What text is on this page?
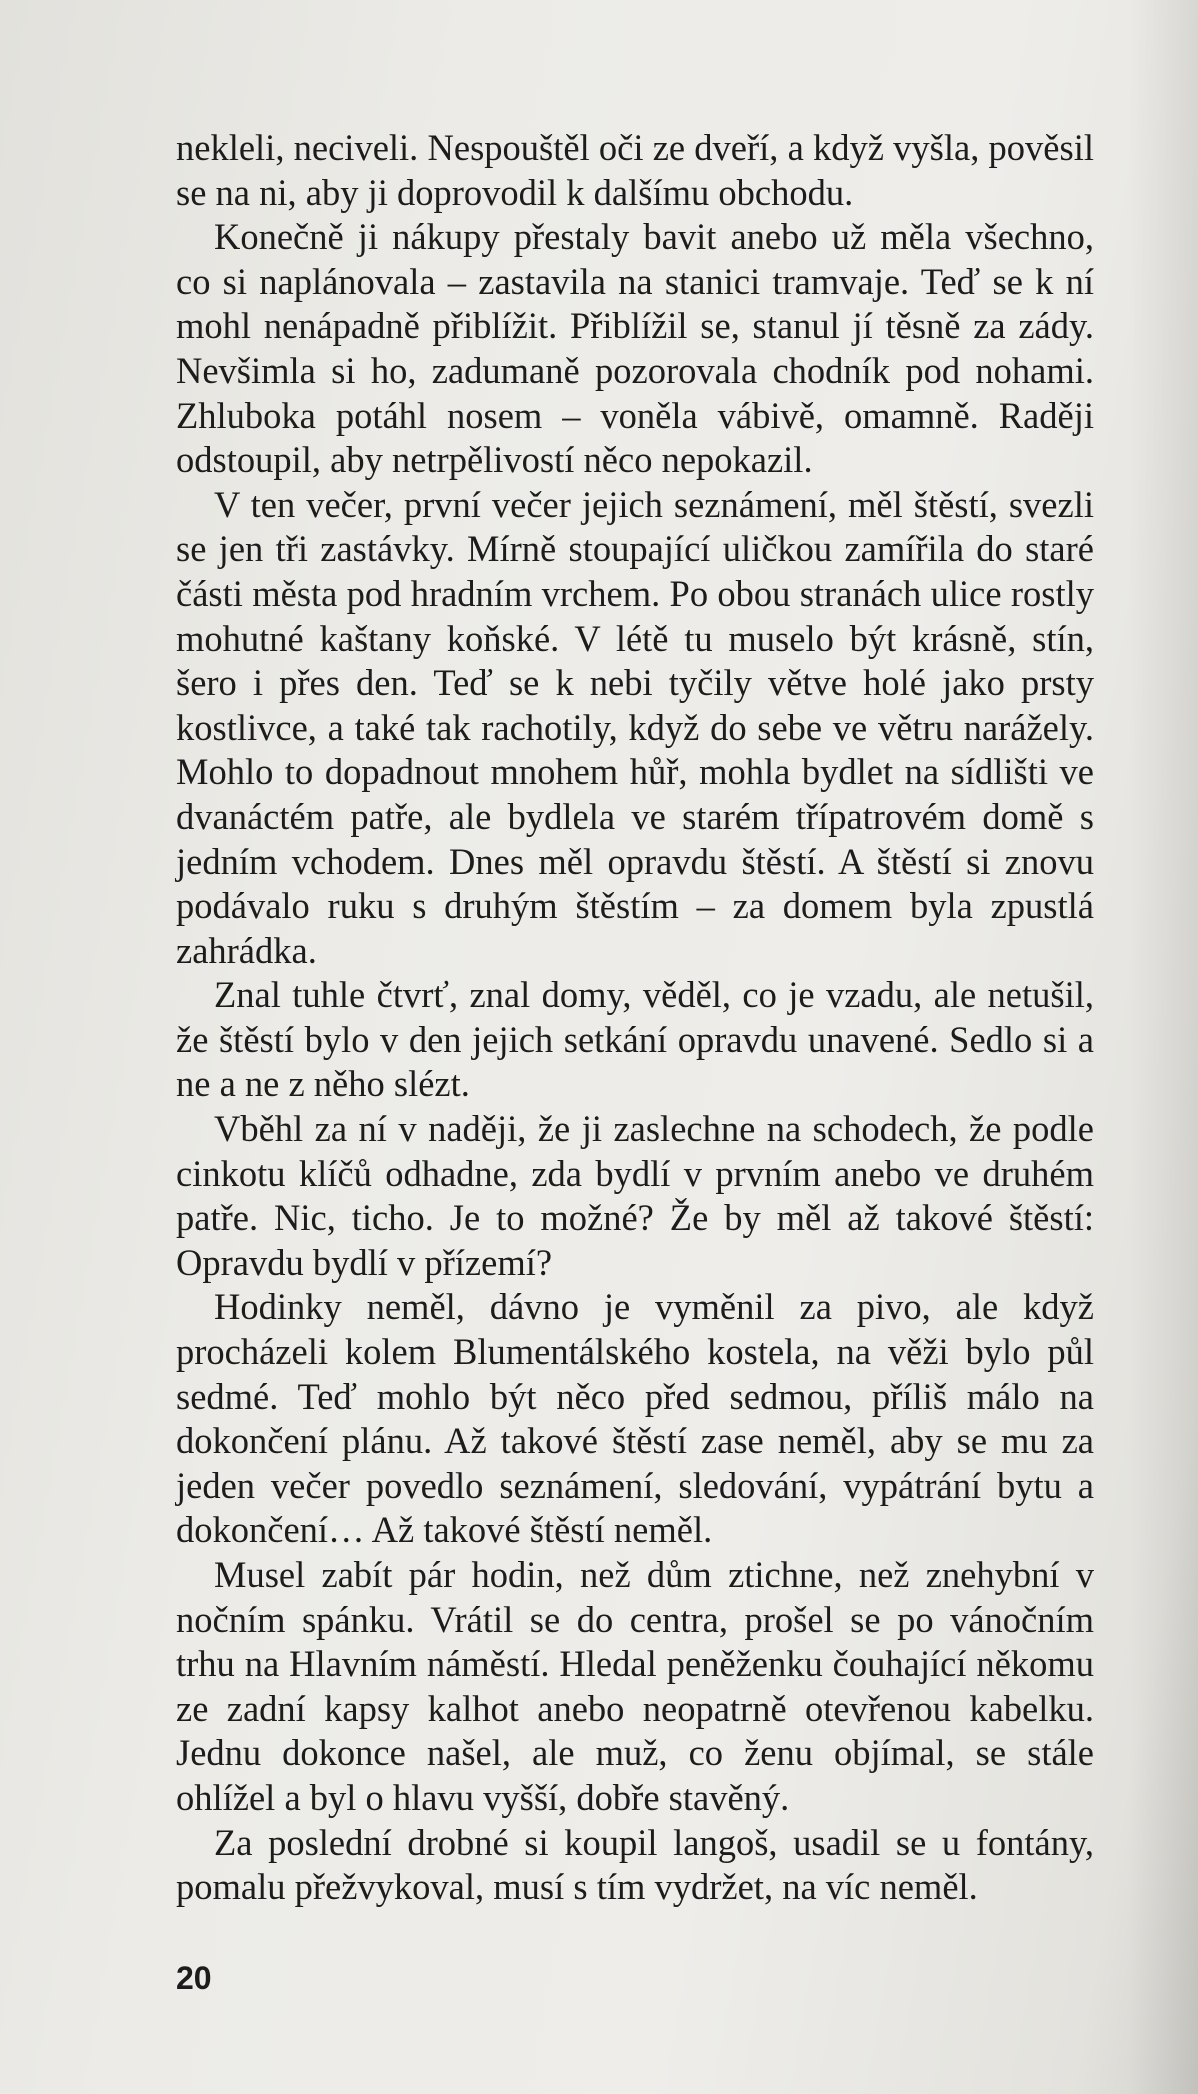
nekleli, neciveli. Nespouštěl oči ze dveří, a když vyšla, pověsil se na ni, aby ji doprovodil k dalšímu obchodu.

Konečně ji nákupy přestaly bavit anebo už měla všechno, co si naplánovala – zastavila na stanici tramvaje. Teď se k ní mohl nenápadně přiblížit. Přiblížil se, stanul jí těsně za zády. Nevšimla si ho, zadumaně pozorovala chodník pod nohami. Zhluboka potáhl nosem – voněla vábivě, omamně. Raději odstoupil, aby netrpělivostí něco nepokazil.

V ten večer, první večer jejich seznámení, měl štěstí, svezli se jen tři zastávky. Mírně stoupající uličkou zamířila do staré části města pod hradním vrchem. Po obou stranách ulice rostly mohutné kaštany koňské. V létě tu muselo být krásně, stín, šero i přes den. Teď se k nebi tyčily větve holé jako prsty kostlivce, a také tak rachotily, když do sebe ve větru narážely. Mohlo to dopadnout mnohem hůř, mohla bydlet na sídlišti ve dvanáctém patře, ale bydlela ve starém třípatrovém domě s jedním vchodem. Dnes měl opravdu štěstí. A štěstí si znovu podávalo ruku s druhým štěstím – za domem byla zpustlá zahrádka.

Znal tuhle čtvrť, znal domy, věděl, co je vzadu, ale netušil, že štěstí bylo v den jejich setkání opravdu unavené. Sedlo si a ne a ne z něho slézt.

Vběhl za ní v naději, že ji zaslechne na schodech, že podle cinkotu klíčů odhadne, zda bydlí v prvním anebo ve druhém patře. Nic, ticho. Je to možné? Že by měl až takové štěstí: Opravdu bydlí v přízemí?

Hodinky neměl, dávno je vyměnil za pivo, ale když procházeli kolem Blumentálského kostela, na věži bylo půl sedmé. Teď mohlo být něco před sedmou, příliš málo na dokončení plánu. Až takové štěstí zase neměl, aby se mu za jeden večer povedlo seznámení, sledování, vypátrání bytu a dokončení… Až takové štěstí neměl.

Musel zabít pár hodin, než dům ztichne, než znehybní v nočním spánku. Vrátil se do centra, prošel se po vánočním trhu na Hlavním náměstí. Hledal peněženku čouhající někomu ze zadní kapsy kalhot anebo neopatrně otevřenou kabelku. Jednu dokonce našel, ale muž, co ženu objímal, se stále ohlížel a byl o hlavu vyšší, dobře stavěný.

Za poslední drobné si koupil langoš, usadil se u fontány, pomalu přežvykoval, musí s tím vydržet, na víc neměl.

20
